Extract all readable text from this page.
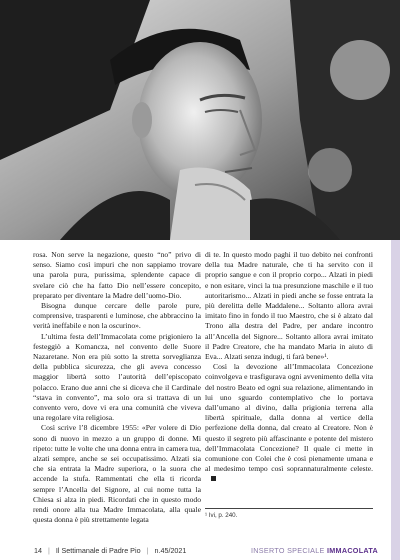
rosa. Non serve la negazione, questo “no” privo di senso. Siamo così impuri che non sappiamo trovare una parola pura, purissima, splendente capace di svelare ciò che ha fatto Dio nell’essere concepito, preparato per diventare la Madre dell’uomo-Dio.

Bisogna dunque cercare delle parole pure, comprensive, trasparenti e luminose, che abbraccino la verità ineffabile e non la oscurino».

L’ultima festa dell’Immacolata come prigioniero la festeggiò a Komancza, nel convento delle Suore Nazaretane. Non era più sotto la stretta sorveglianza della pubblica sicurezza, che gli aveva concesso maggior libertà sotto l’autorità dell’episcopato polacco. Erano due anni che si diceva che il Cardinale “stava in convento”, ma solo ora si trattava di un convento vero, dove vi era una comunità che viveva una regolare vita religiosa.

Così scrive l’8 dicembre 1955: «Per volere di Dio sono di nuovo in mezzo a un gruppo di donne. Mi ripeto: tutte le volte che una donna entra in camera tua, alzati sempre, anche se sei occupatissimo. Alzati sia che sia entrata la Madre superiora, o la suora che accende la stufa. Rammentati che ella ti ricorda sempre l’Ancella del Signore, al cui nome tutta la Chiesa si alza in piedi. Ricordati che in questo modo rendi onore alla tua Madre Immacolata, alla quale questa donna è più strettamente legata

di te. In questo modo paghi il tuo debito nei confronti della tua Madre naturale, che ti ha servito con il proprio sangue e con il proprio corpo... Alzati in piedi e non esitare, vinci la tua presunzione maschile e il tuo autoritarismo... Alzati in piedi anche se fosse entrata la più derelitta delle Maddalene... Soltanto allora avrai imitato fino in fondo il tuo Maestro, che si è alzato dal Trono alla destra del Padre, per andare incontro all’Ancella del Signore... Soltanto allora avrai imitato il Padre Creatore, che ha mandato Maria in aiuto di Eva... Alzati senza indugi, ti farà bene»¹.

Così la devozione all’Immacolata Concezione coinvolgeva e trasfigurava ogni avvenimento della vita del nostro Beato ed ogni sua relazione, alimentando in lui uno sguardo contemplativo che lo portava dall’umano al divino, dalla prigionia terrena alla libertà spirituale, dalla donna al vertice della perfezione della donna, dal creato al Creatore. Non è questo il segreto più affascinante e potente del mistero dell’Immacolata Concezione? Il quale ci mette in comunione con Colei che è così pienamente umana e al medesimo tempo così soprannaturalmente celeste.

¹ Ivi, p. 240.
14 | Il Settimanale di Padre Pio | n.45/2021	INSERTO SPECIALE IMMACOLATA
